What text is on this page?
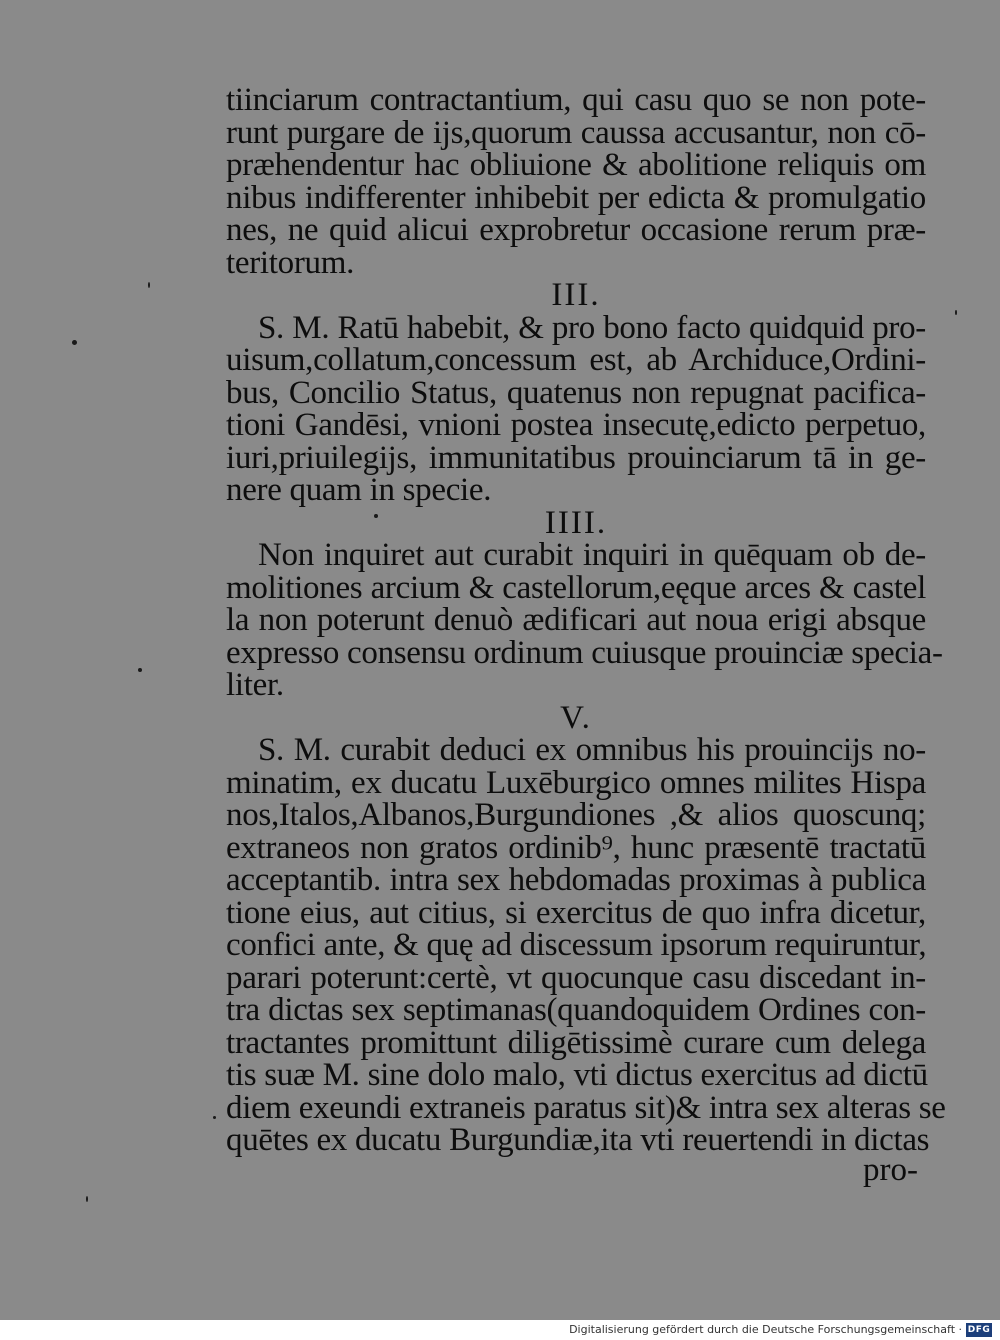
tiinciarum contractantium, qui casu quo se non pote-
runt purgare de ijs,quorum caussa accusantur, non cō-
præhendentur hac obliuione & abolitione reliquis om
nibus indifferenter inhibebit per edicta & promulgatio
nes, ne quid alicui exprobretur occasione rerum præ-
teritorum.
III.
S. M. Ratū habebit, & pro bono facto quidquid pro-
uisum,collatum,concessum est, ab Archiduce,Ordini-
bus, Concilio Status, quatenus non repugnat pacifica-
tioni Gandēsi, vnioni postea insecutę,edicto perpetuo,
iuri,priuilegijs, immunitatibus prouinciarum tā in ge-
nere quam in specie.
IIII.
Non inquiret aut curabit inquiri in quēquam ob de-
molitiones arcium & castellorum,eęque arces & castel
la non poterunt denuò ædificari aut noua erigi absque
expresso consensu ordinum cuiusque prouinciæ specia-
liter.
V.
S. M. curabit deduci ex omnibus his prouincijs no-
minatim, ex ducatu Luxēburgico omnes milites Hispa
nos,Italos,Albanos,Burgundiones ,& alios quoscunq;
extraneos non gratos ordinib⁹, hunc præsentē tractatū
acceptantib. intra sex hebdomadas proximas à publica
tione eius, aut citius, si exercitus de quo infra dicetur,
confici ante, & quę ad discessum ipsorum requiruntur,
parari poterunt:certè, vt quocunque casu discedant in-
tra dictas sex septimanas(quandoquidem Ordines con-
tractantes promittunt diligētissimè curare cum delega
tis suæ M. sine dolo malo, vti dictus exercitus ad dictū
diem exeundi extraneis paratus sit)& intra sex alteras se
quētes ex ducatu Burgundiæ,ita vti reuertendi in dictas
pro-
Digitalisierung gefördert durch die Deutsche Forschungsgemeinschaft · DFG
